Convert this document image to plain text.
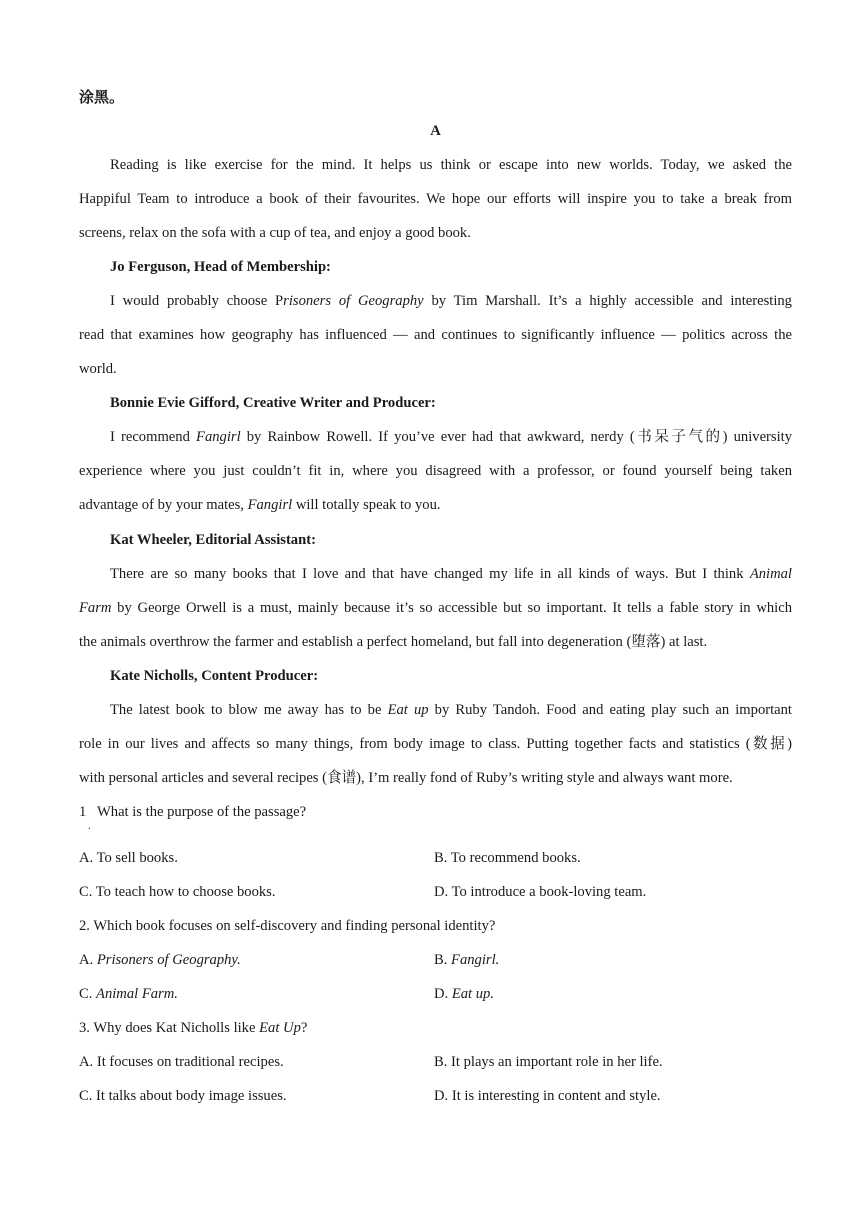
涂黑。
A
Reading is like exercise for the mind. It helps us think or escape into new worlds. Today, we asked the
Happiful Team to introduce a book of their favourites. We hope our efforts will inspire you to take a break from
screens, relax on the sofa with a cup of tea, and enjoy a good book.
Jo Ferguson, Head of Membership:
I would probably choose Prisoners of Geography by Tim Marshall. It’s a highly accessible and interesting
read that examines how geography has influenced — and continues to significantly influence — politics across the
world.
Bonnie Evie Gifford, Creative Writer and Producer:
I recommend Fangirl by Rainbow Rowell. If you’ve ever had that awkward, nerdy (书呆子气的) university
experience where you just couldn’t fit in, where you disagreed with a professor, or found yourself being taken
advantage of by your mates, Fangirl will totally speak to you.
Kat Wheeler, Editorial Assistant:
There are so many books that I love and that have changed my life in all kinds of ways. But I think Animal
Farm by George Orwell is a must, mainly because it’s so accessible but so important. It tells a fable story in which
the animals overthrow the farmer and establish a perfect homeland, but fall into degeneration (堕落) at last.
Kate Nicholls, Content Producer:
The latest book to blow me away has to be Eat up by Ruby Tandoh. Food and eating play such an important
role in our lives and affects so many things, from body image to class. Putting together facts and statistics (数据)
with personal articles and several recipes (食谱), I’m really fond of Ruby’s writing style and always want more.
1
.
What is the purpose of the passage?
A. To sell books.	B. To recommend books.
C. To teach how to choose books.	D. To introduce a book-loving team.
2. Which book focuses on self-discovery and finding personal identity?
A. Prisoners of Geography.	B. Fangirl.
C. Animal Farm.	D. Eat up.
3. Why does Kat Nicholls like Eat Up?
A. It focuses on traditional recipes.	B. It plays an important role in her life.
C. It talks about body image issues.	D. It is interesting in content and style.
